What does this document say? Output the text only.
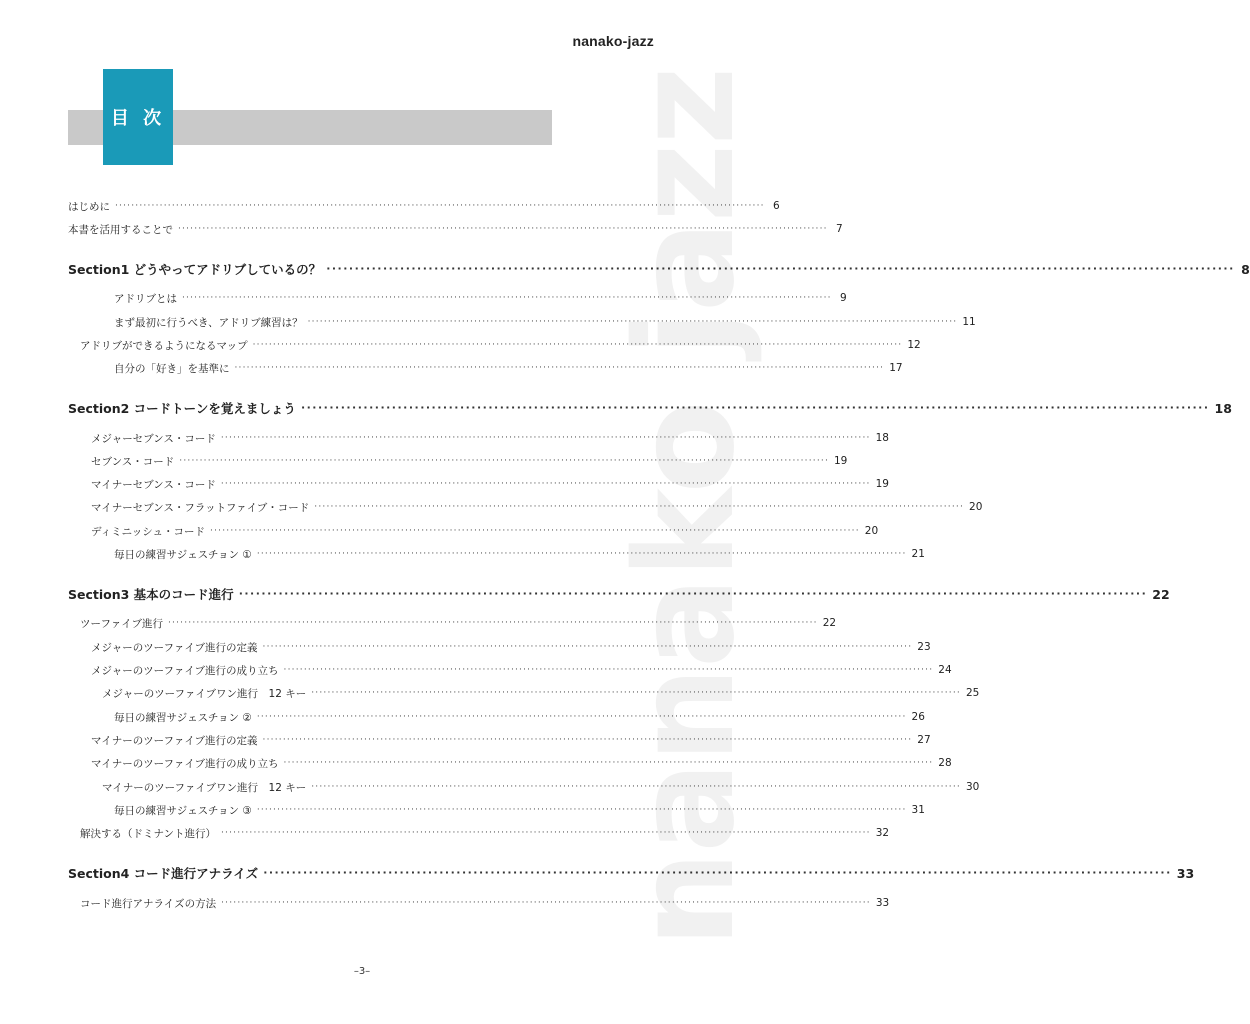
nanako-jazz
nanako jazz
目 次
はじめに ································································································································································ 6
本書を活用することで ································································································································································ 7
Section1 どうやってアドリブしているの？ ································································································································································ 8
アドリブとは ································································································································································ 9
まず最初に行うべき、アドリブ練習は？ ································································································································································ 11
アドリブができるようになるマップ ································································································································································ 12
自分の「好き」を基準に ································································································································································ 17
Section2 コードトーンを覚えましょう ································································································································································ 18
メジャーセブンス・コード ································································································································································ 18
セブンス・コード ································································································································································ 19
マイナーセブンス・コード ································································································································································ 19
マイナーセブンス・フラットファイブ・コード ································································································································································ 20
ディミニッシュ・コード ································································································································································ 20
毎日の練習サジェスチョン ① ································································································································································ 21
Section3 基本のコード進行 ································································································································································ 22
ツーファイブ進行 ································································································································································ 22
メジャーのツーファイブ進行の定義 ································································································································································ 23
メジャーのツーファイブ進行の成り立ち ································································································································································ 24
メジャーのツーファイブワン進行　12 キー ································································································································································ 25
毎日の練習サジェスチョン ② ································································································································································ 26
マイナーのツーファイブ進行の定義 ································································································································································ 27
マイナーのツーファイブ進行の成り立ち ································································································································································ 28
マイナーのツーファイブワン進行　12 キー ································································································································································ 30
毎日の練習サジェスチョン ③ ································································································································································ 31
解決する（ドミナント進行） ································································································································································ 32
Section4 コード進行アナライズ ································································································································································ 33
コード進行アナライズの方法 ································································································································································ 33
–3–
